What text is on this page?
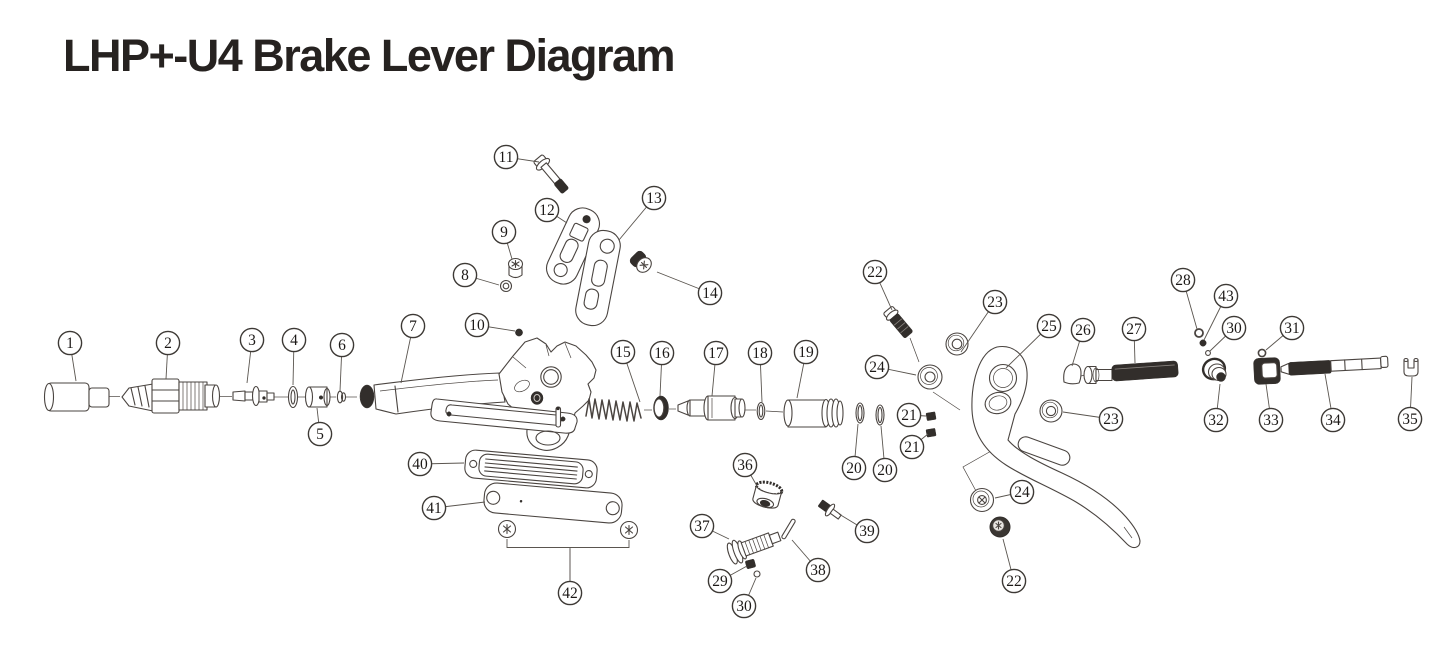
LHP+-U4 Brake Lever Diagram
1	2	3 4
5
6
7
8
9
10
11
12
13
14
15 16 17 18 19
20 20
21
21
22
22
23
23
24
24
25 26 27
28
29
30
30
31
32	33	34	35
36
37
38
39
40
41
42
43
